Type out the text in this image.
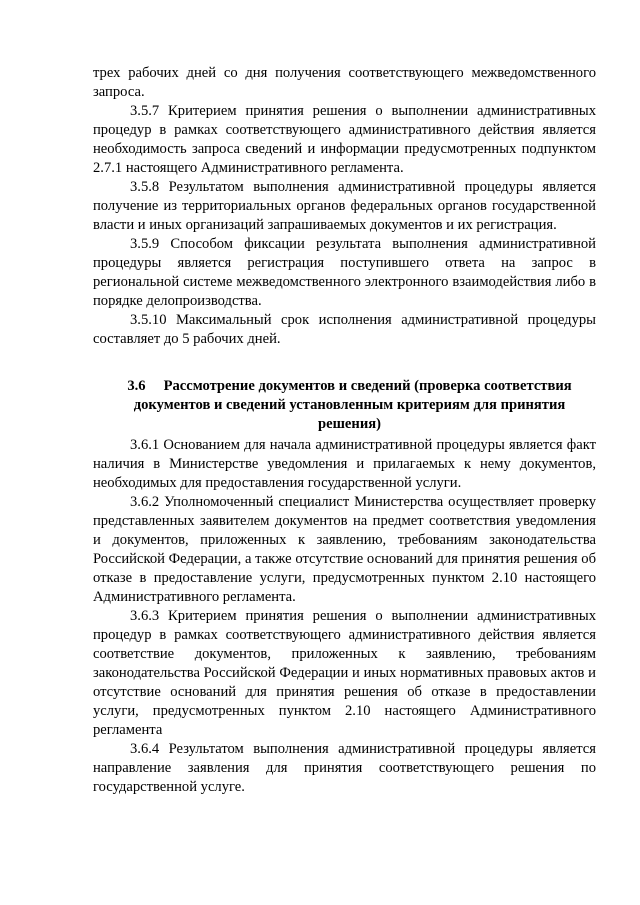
трех рабочих дней со дня получения соответствующего межведомственного запроса.

3.5.7 Критерием принятия решения о выполнении административных процедур в рамках соответствующего административного действия является необходимость запроса сведений и информации предусмотренных подпунктом 2.7.1 настоящего Административного регламента.

3.5.8 Результатом выполнения административной процедуры является получение из территориальных органов федеральных органов государственной власти и иных организаций запрашиваемых документов и их регистрация.

3.5.9 Способом фиксации результата выполнения административной процедуры является регистрация поступившего ответа на запрос в региональной системе межведомственного электронного взаимодействия либо в порядке делопроизводства.

3.5.10 Максимальный срок исполнения административной процедуры составляет до 5 рабочих дней.

3.6 Рассмотрение документов и сведений (проверка соответствия документов и сведений установленным критериям для принятия решения)

3.6.1 Основанием для начала административной процедуры является факт наличия в Министерстве уведомления и прилагаемых к нему документов, необходимых для предоставления государственной услуги.

3.6.2 Уполномоченный специалист Министерства осуществляет проверку представленных заявителем документов на предмет соответствия уведомления и документов, приложенных к заявлению, требованиям законодательства Российской Федерации, а также отсутствие оснований для принятия решения об отказе в предоставление услуги, предусмотренных пунктом 2.10 настоящего Административного регламента.

3.6.3 Критерием принятия решения о выполнении административных процедур в рамках соответствующего административного действия является соответствие документов, приложенных к заявлению, требованиям законодательства Российской Федерации и иных нормативных правовых актов и отсутствие оснований для принятия решения об отказе в предоставлении услуги, предусмотренных пунктом 2.10 настоящего Административного регламента

3.6.4 Результатом выполнения административной процедуры является направление заявления для принятия соответствующего решения по государственной услуге.
